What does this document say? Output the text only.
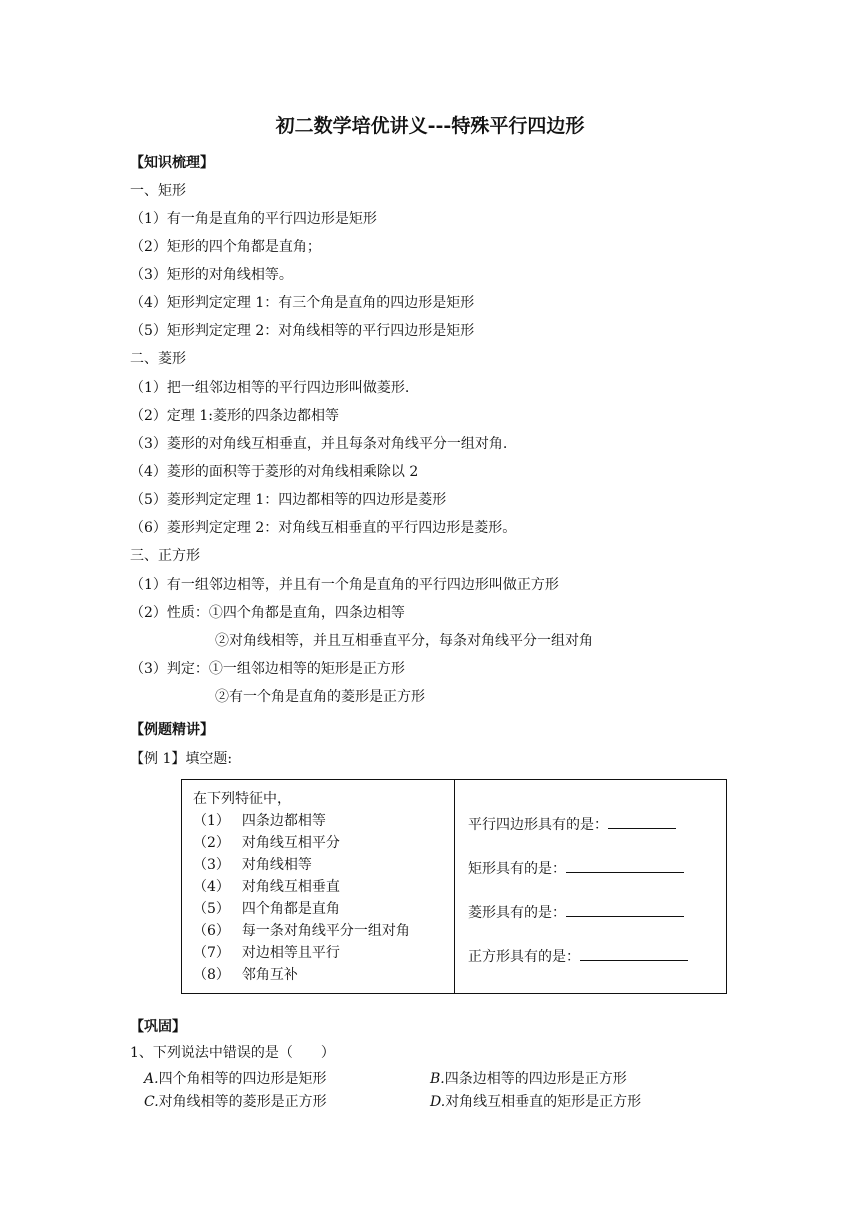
初二数学培优讲义---特殊平行四边形
【知识梳理】
一、矩形
（1）有一角是直角的平行四边形是矩形
（2）矩形的四个角都是直角；
（3）矩形的对角线相等。
（4）矩形判定定理 1：有三个角是直角的四边形是矩形
（5）矩形判定定理 2：对角线相等的平行四边形是矩形
二、菱形
（1）把一组邻边相等的平行四边形叫做菱形.
（2）定理 1:菱形的四条边都相等
（3）菱形的对角线互相垂直，并且每条对角线平分一组对角.
（4）菱形的面积等于菱形的对角线相乘除以 2
（5）菱形判定定理 1：四边都相等的四边形是菱形
（6）菱形判定定理 2：对角线互相垂直的平行四边形是菱形。
三、正方形
（1）有一组邻边相等，并且有一个角是直角的平行四边形叫做正方形
（2）性质：①四个角都是直角，四条边相等
②对角线相等，并且互相垂直平分，每条对角线平分一组对角
（3）判定：①一组邻边相等的矩形是正方形
②有一个角是直角的菱形是正方形
【例题精讲】
【例 1】填空题:
在下列特征中，
（1） 四条边都相等
（2） 对角线互相平分
（3） 对角线相等
（4） 对角线互相垂直
（5） 四个角都是直角
（6） 每一条对角线平分一组对角
（7） 对边相等且平行
（8） 邻角互补
平行四边形具有的是：
矩形具有的是：
菱形具有的是：
正方形具有的是：
【巩固】
1、下列说法中错误的是（　　）
A.四个角相等的四边形是矩形	B.四条边相等的四边形是正方形
C.对角线相等的菱形是正方形	D.对角线互相垂直的矩形是正方形
